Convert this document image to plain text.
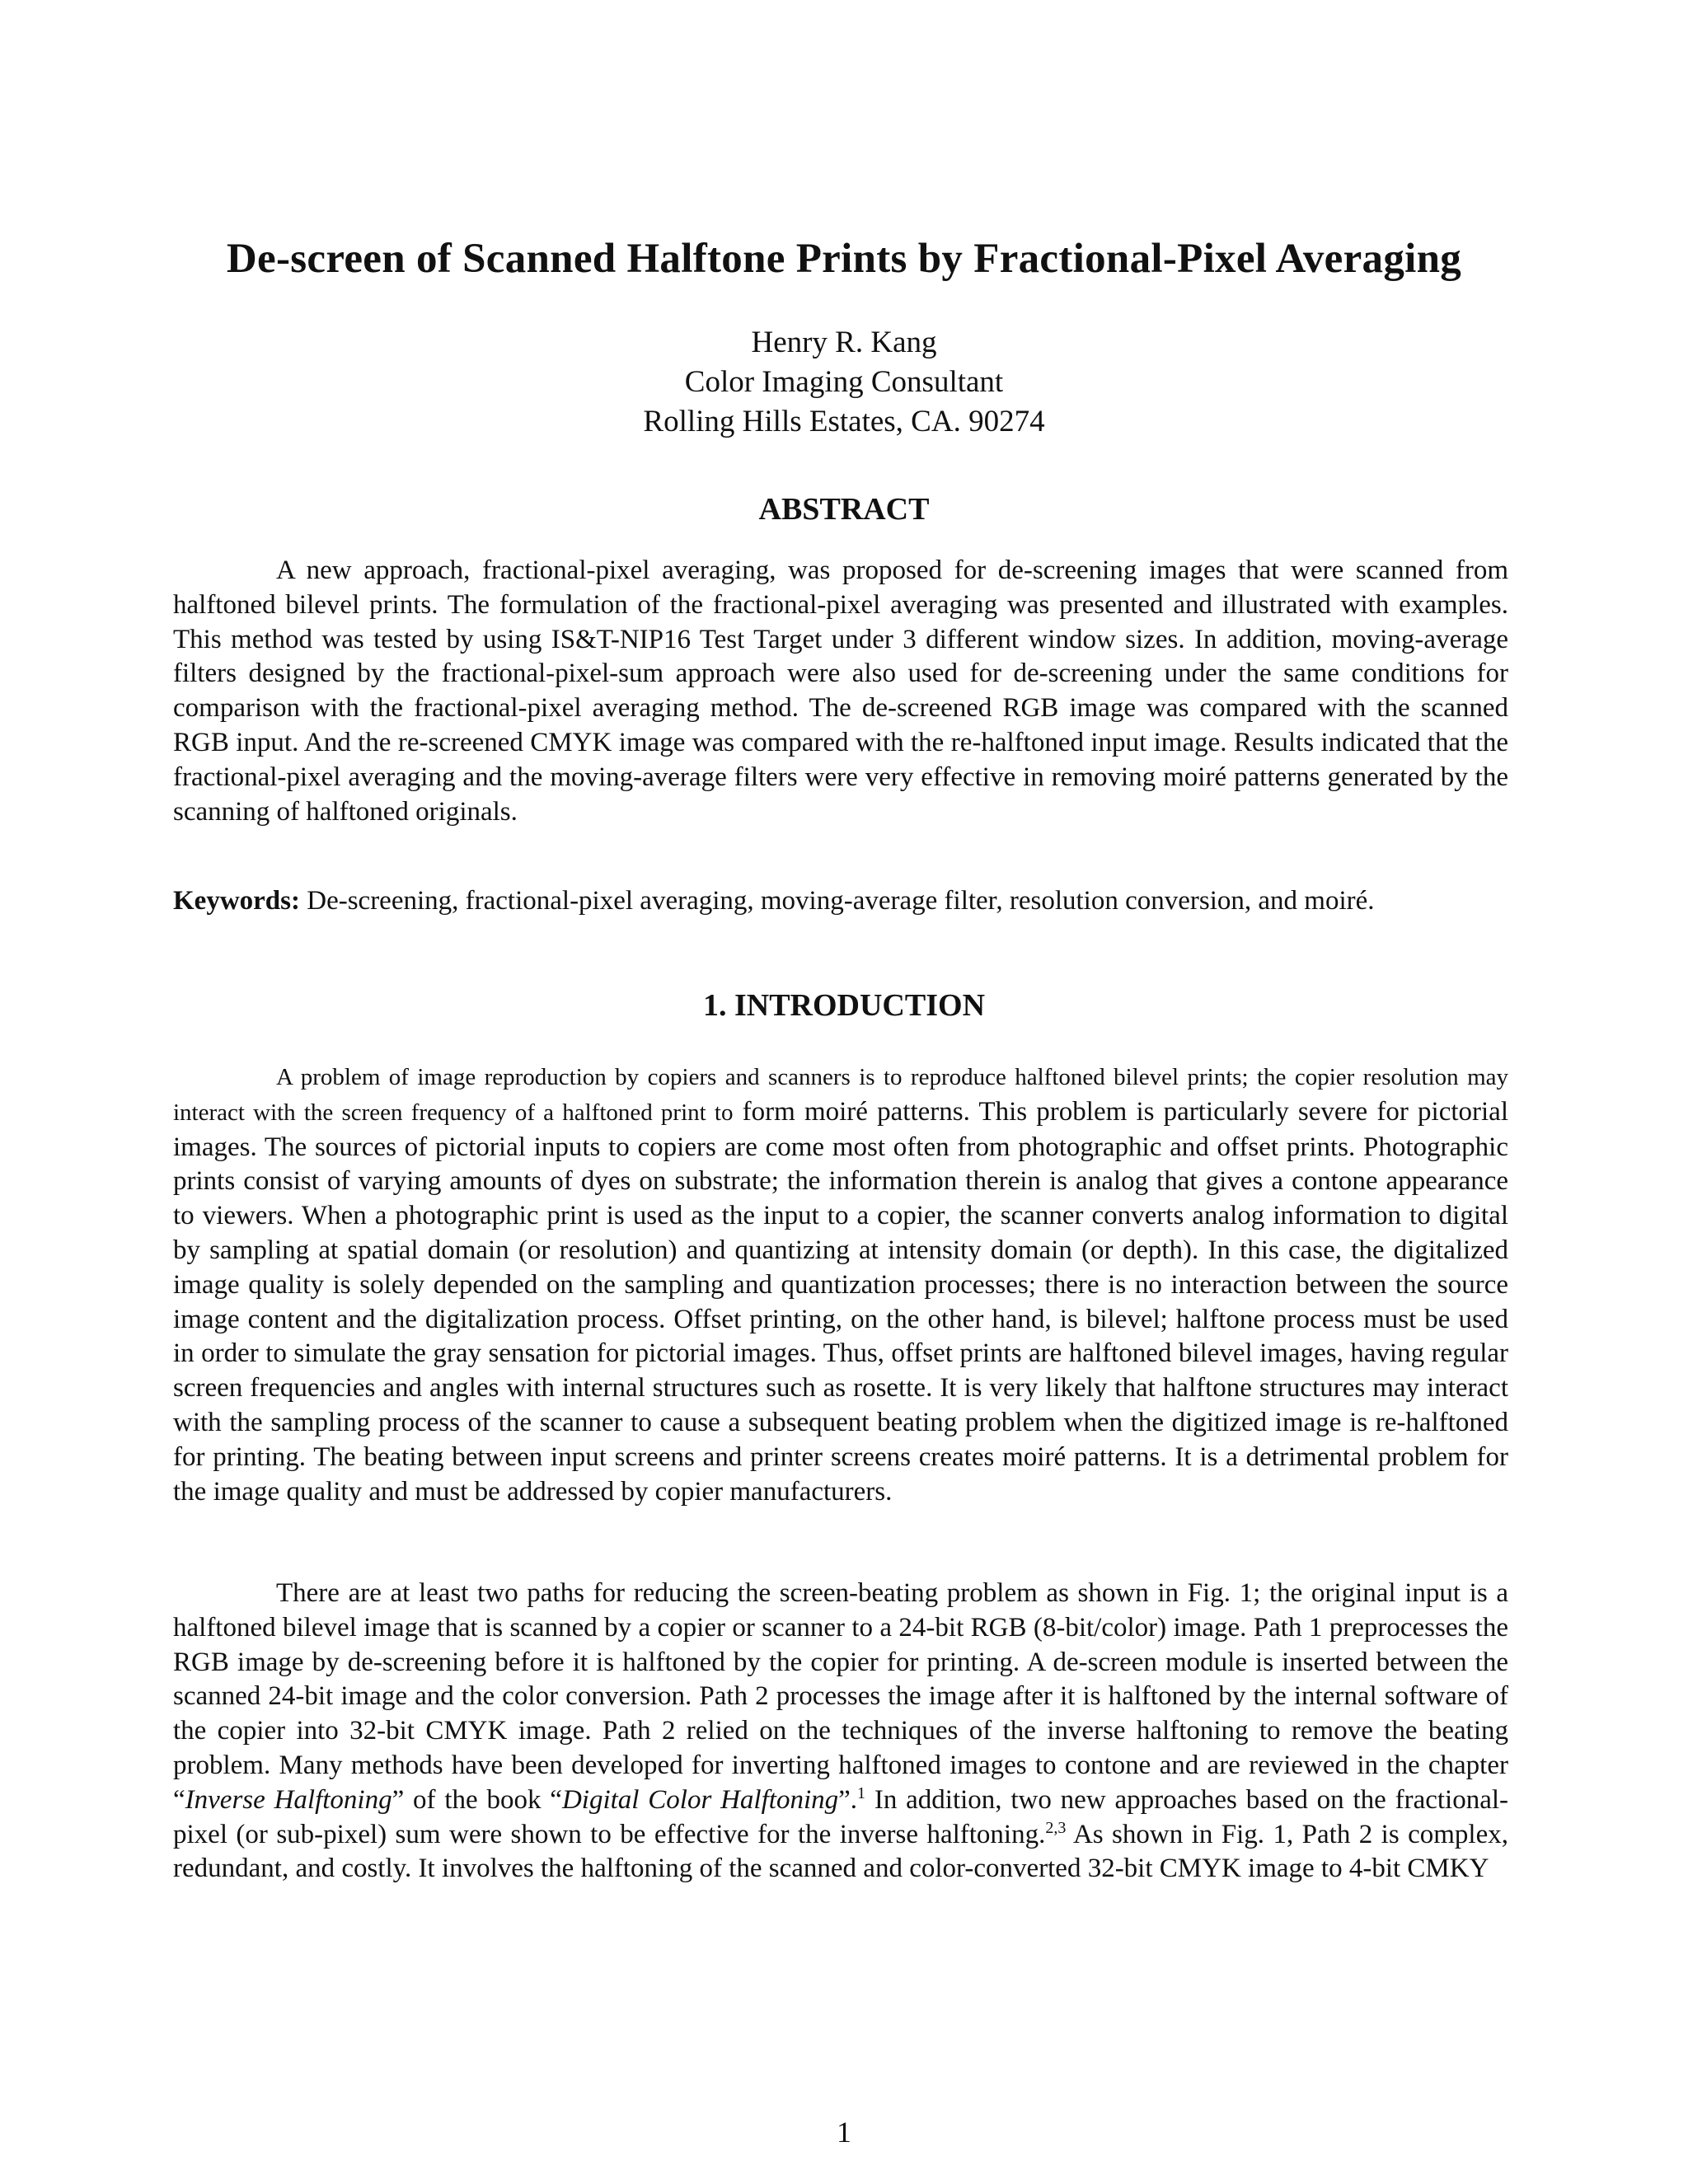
De-screen of Scanned Halftone Prints by Fractional-Pixel Averaging
Henry R. Kang
Color Imaging Consultant
Rolling Hills Estates, CA. 90274
ABSTRACT

A new approach, fractional-pixel averaging, was proposed for de-screening images that were scanned from halftoned bilevel prints. The formulation of the fractional-pixel averaging was presented and illustrated with examples. This method was tested by using IS&T-NIP16 Test Target under 3 different window sizes. In addition, moving-average filters designed by the fractional-pixel-sum approach were also used for de-screening under the same conditions for comparison with the fractional-pixel averaging method. The de-screened RGB image was compared with the scanned RGB input. And the re-screened CMYK image was compared with the re-halftoned input image. Results indicated that the fractional-pixel averaging and the moving-average filters were very effective in removing moiré patterns generated by the scanning of halftoned originals.

Keywords: De-screening, fractional-pixel averaging, moving-average filter, resolution conversion, and moiré.

1. INTRODUCTION

A problem of image reproduction by copiers and scanners is to reproduce halftoned bilevel prints; the copier resolution may interact with the screen frequency of a halftoned print to form moiré patterns. This problem is particularly severe for pictorial images. The sources of pictorial inputs to copiers are come most often from photographic and offset prints. Photographic prints consist of varying amounts of dyes on substrate; the information therein is analog that gives a contone appearance to viewers. When a photographic print is used as the input to a copier, the scanner converts analog information to digital by sampling at spatial domain (or resolution) and quantizing at intensity domain (or depth). In this case, the digitalized image quality is solely depended on the sampling and quantization processes; there is no interaction between the source image content and the digitalization process. Offset printing, on the other hand, is bilevel; halftone process must be used in order to simulate the gray sensation for pictorial images. Thus, offset prints are halftoned bilevel images, having regular screen frequencies and angles with internal structures such as rosette. It is very likely that halftone structures may interact with the sampling process of the scanner to cause a subsequent beating problem when the digitized image is re-halftoned for printing. The beating between input screens and printer screens creates moiré patterns. It is a detrimental problem for the image quality and must be addressed by copier manufacturers.

There are at least two paths for reducing the screen-beating problem as shown in Fig. 1; the original input is a halftoned bilevel image that is scanned by a copier or scanner to a 24-bit RGB (8-bit/color) image. Path 1 preprocesses the RGB image by de-screening before it is halftoned by the copier for printing. A de-screen module is inserted between the scanned 24-bit image and the color conversion. Path 2 processes the image after it is halftoned by the internal software of the copier into 32-bit CMYK image. Path 2 relied on the techniques of the inverse halftoning to remove the beating problem. Many methods have been developed for inverting halftoned images to contone and are reviewed in the chapter “Inverse Halftoning” of the book “Digital Color Halftoning”.$^1$ In addition, two new approaches based on the fractional-pixel (or sub-pixel) sum were shown to be effective for the inverse halftoning.$^{2,3}$ As shown in Fig. 1, Path 2 is complex, redundant, and costly. It involves the halftoning of the scanned and color-converted 32-bit CMYK image to 4-bit CMKY

1
